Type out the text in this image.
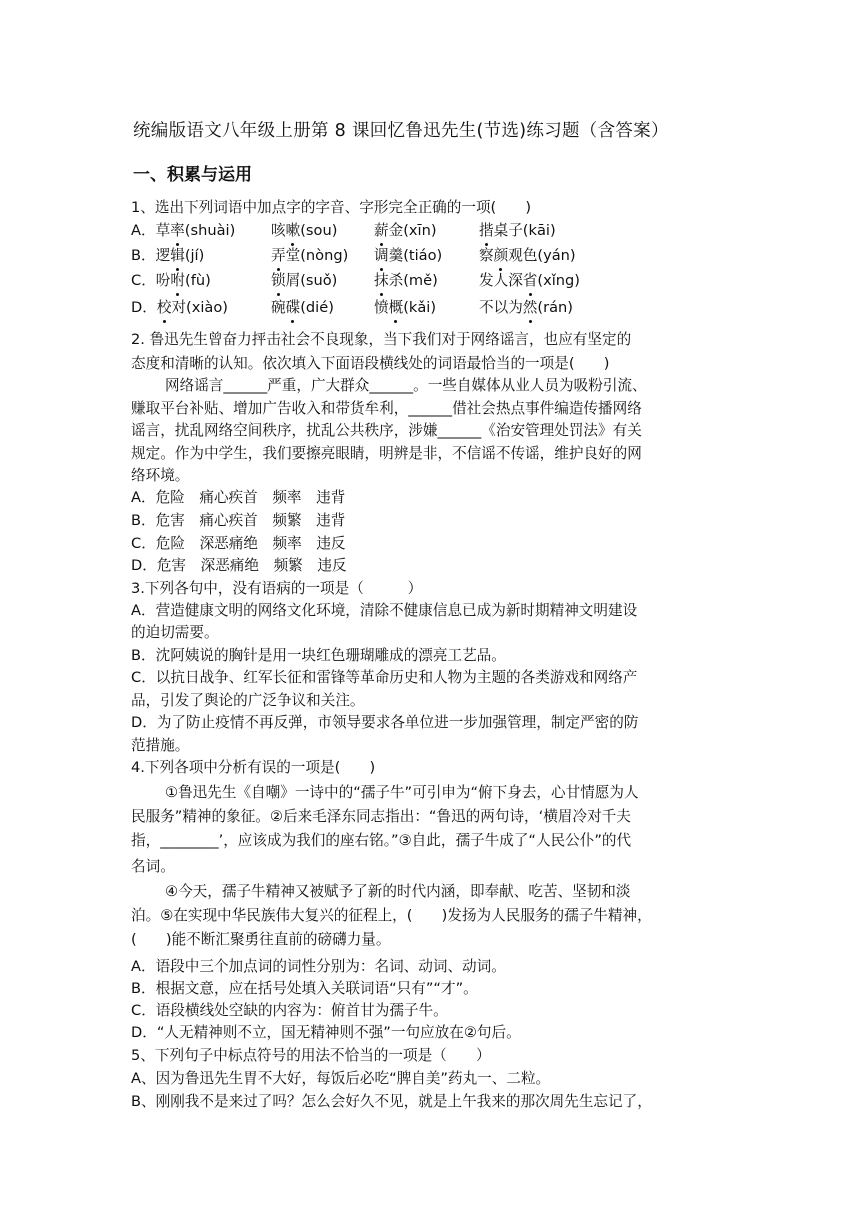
统编版语文八年级上册第 8 课回忆鲁迅先生(节选)练习题（含答案）
一、积累与运用
1、选出下列词语中加点字的字音、字形完全正确的一项(　　)
A．草率(shuài) 咳嗽(sou)	薪金(xīn)	揩桌子(kāi)
B．逻辑(jí)	弄堂(nòng) 调羹(tiáo)	察颜观色(yán)
C．吩咐(fù)	锁屑(suǒ)	抹杀(mě)	发人深省(xǐng)
D．校对(xiào)	碗碟(dié)	愤概(kǎi)	不以为然(rán)
2. 鲁迅先生曾奋力抨击社会不良现象，当下我们对于网络谣言，也应有坚定的
态度和清晰的认知。依次填入下面语段横线处的词语最恰当的一项是(　　)
网络谣言______严重，广大群众______。一些自媒体从业人员为吸粉引流、
赚取平台补贴、增加广告收入和带货牟利，______借社会热点事件编造传播网络
谣言，扰乱网络空间秩序，扰乱公共秩序，涉嫌______《治安管理处罚法》有关
规定。作为中学生，我们要擦亮眼睛，明辨是非，不信谣不传谣，维护良好的网
络环境。
A．危险　痛心疾首　频率　违背
B．危害　痛心疾首　频繁　违背
C．危险　深恶痛绝　频率　违反
D．危害　深恶痛绝　频繁　违反
3.下列各句中，没有语病的一项是（　　　）
A．营造健康文明的网络文化环境，清除不健康信息已成为新时期精神文明建设
的迫切需要。
B．沈阿姨说的胸针是用一块红色珊瑚雕成的漂亮工艺品。
C．以抗日战争、红军长征和雷锋等革命历史和人物为主题的各类游戏和网络产
品，引发了舆论的广泛争议和关注。
D．为了防止疫情不再反弹，市领导要求各单位进一步加强管理，制定严密的防
范措施。
4.下列各项中分析有误的一项是(　　)
①鲁迅先生《自嘲》一诗中的“孺子牛”可引申为“俯下身去，心甘情愿为人
民服务”精神的象征。②后来毛泽东同志指出：“鲁迅的两句诗，‘横眉冷对千夫
指，________’，应该成为我们的座右铭。”③自此，孺子牛成了“人民公仆”的代
名词。
④今天，孺子牛精神又被赋予了新的时代内涵，即奉献、吃苦、坚韧和淡
泊。⑤在实现中华民族伟大复兴的征程上，(　　)发扬为人民服务的孺子牛精神，
(　　)能不断汇聚勇往直前的磅礴力量。
A．语段中三个加点词的词性分别为：名词、动词、动词。
B．根据文意，应在括号处填入关联词语“只有”“才”。
C．语段横线处空缺的内容为：俯首甘为孺子牛。
D．“人无精神则不立，国无精神则不强”一句应放在②句后。
5、下列句子中标点符号的用法不恰当的一项是（　　）
A、因为鲁迅先生胃不大好，每饭后必吃“脾自美”药丸一、二粒。
B、刚刚我不是来过了吗？怎么会好久不见，就是上午我来的那次周先生忘记了，
